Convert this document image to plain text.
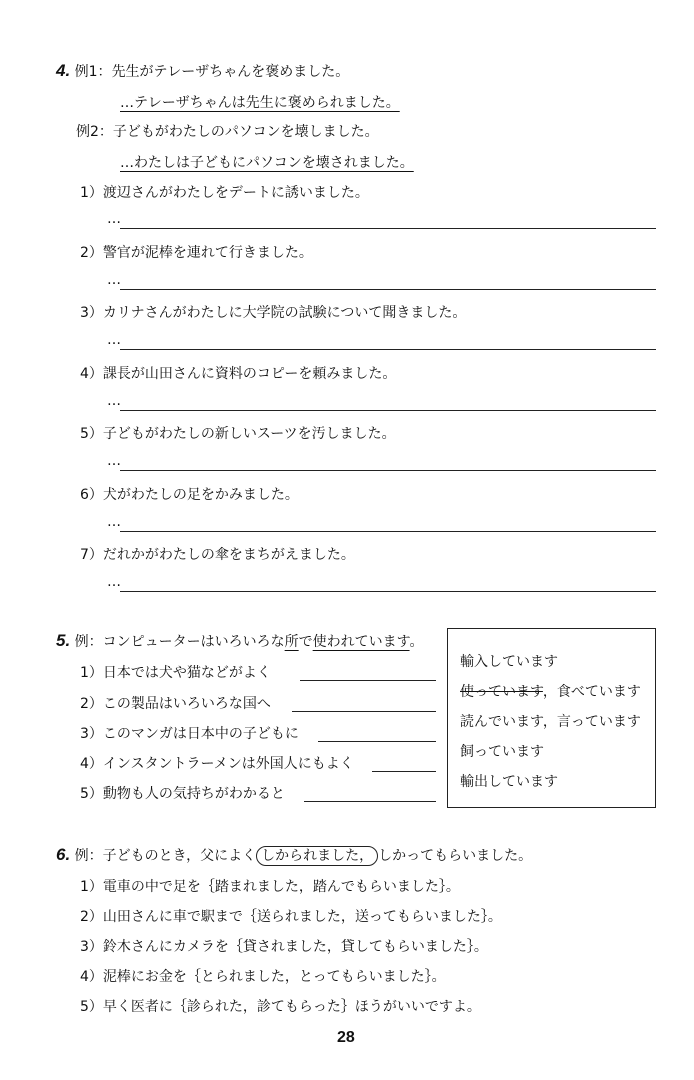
4. 例1：先生がテレーザちゃんを褒めました。
…テレーザちゃんは先生に褒められました。
例2：子どもがわたしのパソコンを壊しました。
…わたしは子どもにパソコンを壊されました。
1）渡辺さんがわたしをデートに誘いました。
…
2）警官が泥棒を連れて行きました。
…
3）カリナさんがわたしに大学院の試験について聞きました。
…
4）課長が山田さんに資料のコピーを頼みました。
…
5）子どもがわたしの新しいスーツを汚しました。
…
6）犬がわたしの足をかみました。
…
7）だれかがわたしの傘をまちがえました。
…
5. 例：コンピューターはいろいろな所で使われています。
1）日本では犬や猫などがよく
2）この製品はいろいろな国へ
3）このマンガは日本中の子どもに
4）インスタントラーメンは外国人にもよく
5）動物も人の気持ちがわかると
輸入しています
使っています，食べています
読んでいます，言っています
飼っています
輸出しています
6. 例：子どものとき，父によく しかられました， しかってもらいました。
1）電車の中で足を｛踏まれました，踏んでもらいました｝。
2）山田さんに車で駅まで｛送られました，送ってもらいました｝。
3）鈴木さんにカメラを｛貸されました，貸してもらいました｝。
4）泥棒にお金を｛とられました，とってもらいました｝。
5）早く医者に｛診られた，診てもらった｝ほうがいいですよ。
28
